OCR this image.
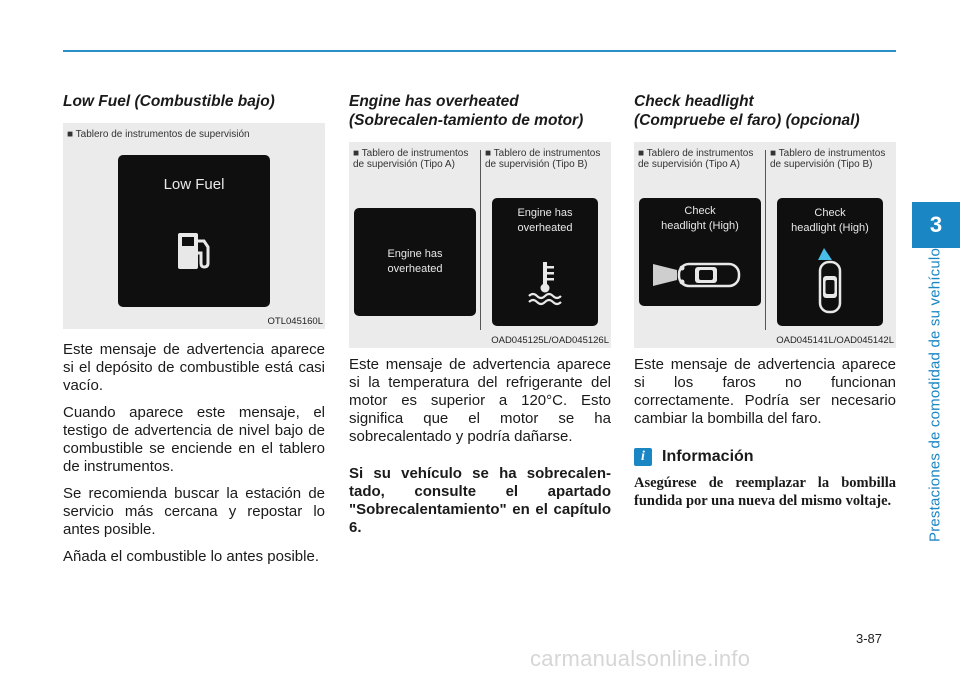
Low Fuel (Combustible bajo)
■ Tablero de instrumentos de supervisión
Low Fuel
OTL045160L

Este mensaje de advertencia aparece si el depósito de combustible está casi vacío.

Cuando aparece este mensaje, el testigo de advertencia de nivel bajo de combustible se enciende en el tablero de instrumentos.

Se recomienda buscar la estación de servicio más cercana y repostar lo antes posible.

Añada el combustible lo antes posible.

Engine has overheated
(Sobrecalen-tamiento de motor)
■ Tablero de instrumentos de supervisión (Tipo A)
■ Tablero de instrumentos de supervisión (Tipo B)
Engine has
overheated
Engine has
overheated
OAD045125L/OAD045126L

Este mensaje de advertencia aparece si la temperatura del refrigerante del motor es superior a 120°C. Esto significa que el motor se ha sobrecalentado y podría dañarse.

Si su vehículo se ha sobrecalen-tado, consulte el apartado "Sobrecalentamiento" en el capítulo 6.

Check headlight
(Compruebe el faro) (opcional)
■ Tablero de instrumentos de supervisión (Tipo A)
■ Tablero de instrumentos de supervisión (Tipo B)
Check
headlight (High)
Check
headlight (High)
OAD045141L/OAD045142L

Este mensaje de advertencia aparece si los faros no funcionan correctamente. Podría ser necesario cambiar la bombilla del faro.

i	Información

Asegúrese de reemplazar la bombilla fundida por una nueva del mismo voltaje.

3
Prestaciones de comodidad de su vehículo
3-87
carmanualsonline.info
